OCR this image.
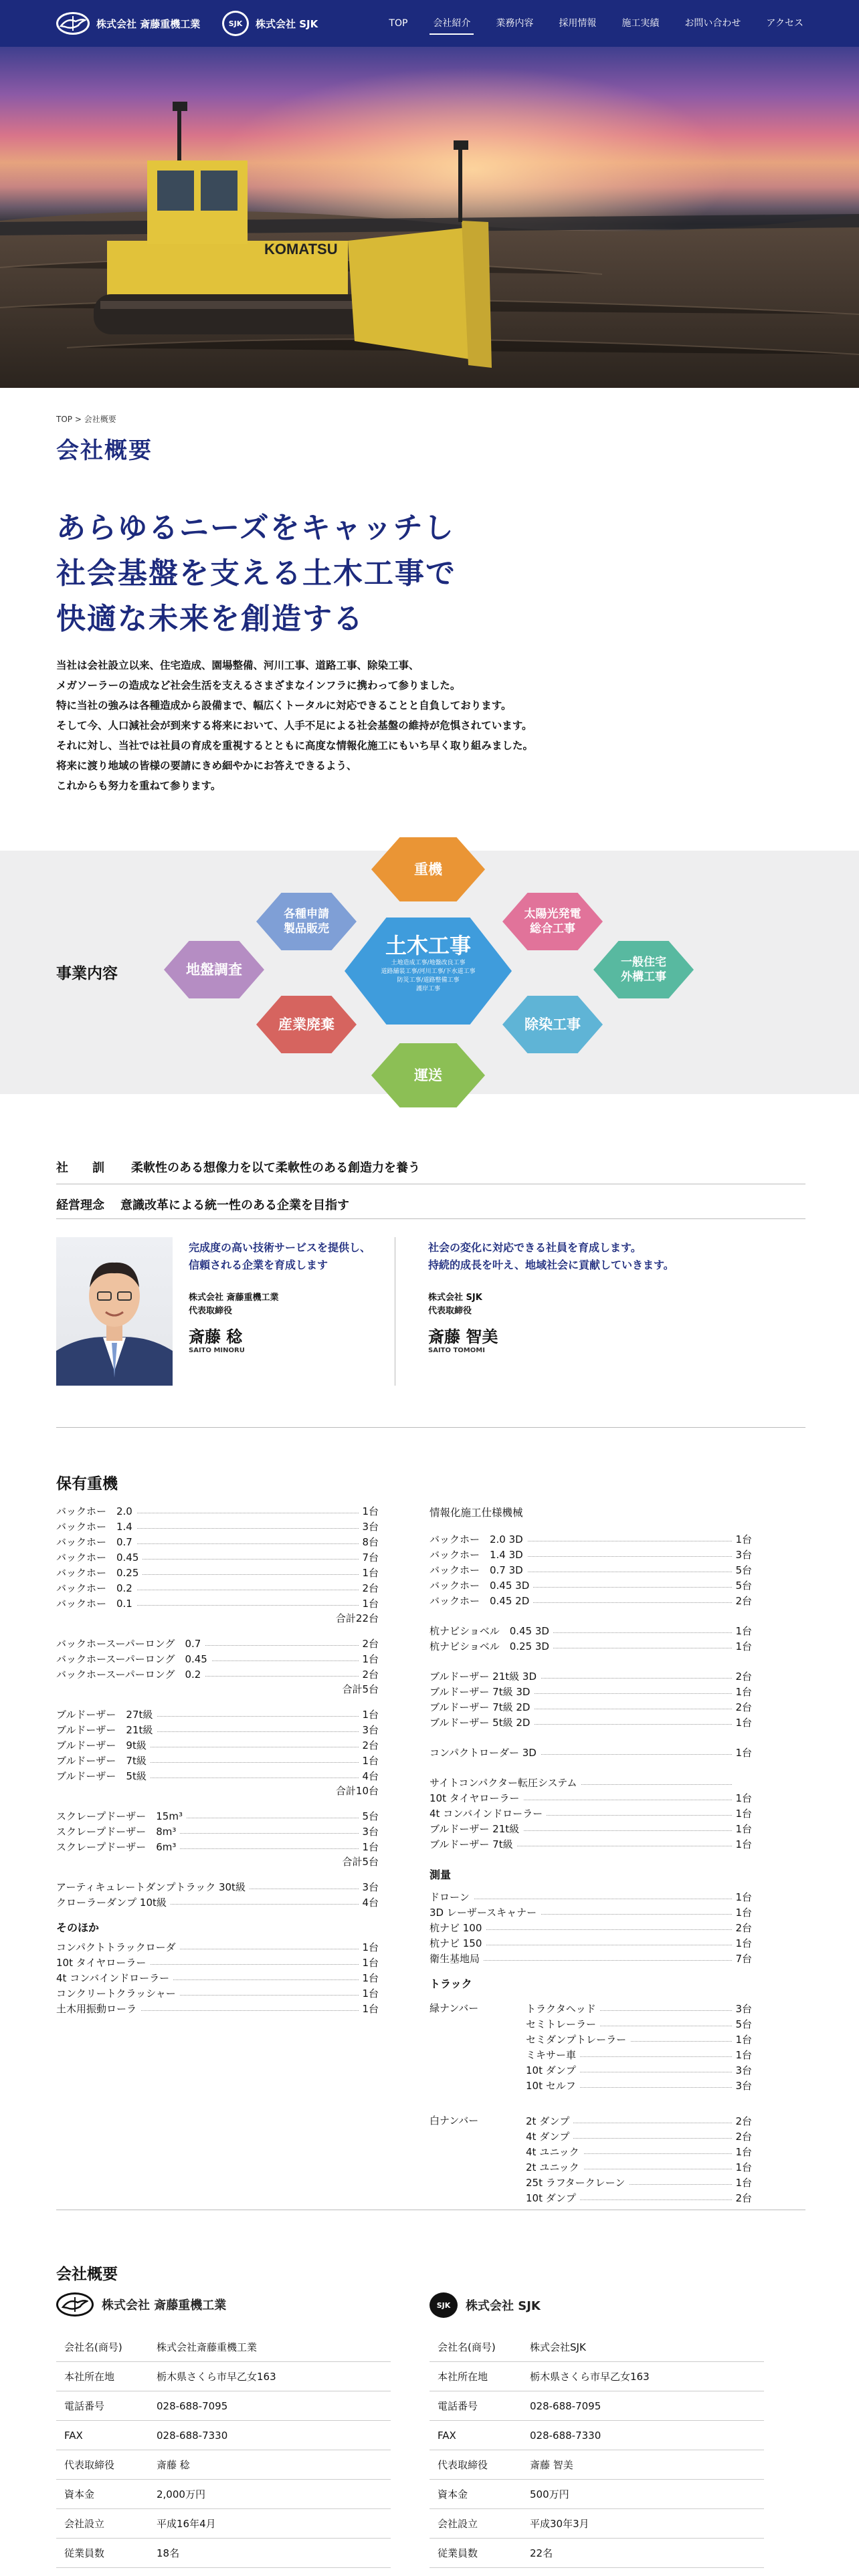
株式会社 斎藤重機工業	SJK	株式会社 SJK	TOP	会社紹介	業務内容	採用情報	施工実績	お問い合わせ	アクセス
KOMATSU
TOP > 会社概要
会社概要
あらゆるニーズをキャッチし
社会基盤を支える土木工事で
快適な未来を創造する
当社は会社設立以来、住宅造成、園場整備、河川工事、道路工事、除染工事、
メガソーラーの造成など社会生活を支えるさまざまなインフラに携わって参りました。
特に当社の強みは各種造成から設備まで、幅広くトータルに対応できることと自負しております。
そして今、人口減社会が到来する将来において、人手不足による社会基盤の維持が危惧されています。
それに対し、当社では社員の育成を重視するとともに高度な情報化施工にもいち早く取り組みました。
将来に渡り地域の皆様の要請にきめ細やかにお答えできるよう、
これからも努力を重ねて参ります。
事業内容
重機
各種申請
製品販売
太陽光発電
総合工事
地盤調査	一般住宅
外構工事
産業廃棄	除染工事
運送
土木工事
土地造成工事/地盤改良工事
道路舗装工事/河川工事/下水道工事
防災工事/道路整備工事
護岸工事
社　　訓 柔軟性のある想像力を以て柔軟性のある創造力を養う
経営理念 意識改革による統一性のある企業を目指す
完成度の高い技術サービスを提供し、
信頼される企業を育成します
株式会社 斎藤重機工業
代表取締役
斎藤 稔
SAITO MINORU
社会の変化に対応できる社員を育成します。
持続的成長を叶え、地域社会に貢献していきます。
株式会社 SJK
代表取締役
斎藤 智美
SAITO TOMOMI
保有重機
バックホー　2.0	1台
バックホー　1.4	3台
バックホー　0.7	8台
バックホー　0.45	7台
バックホー　0.25	1台
バックホー　0.2	2台
バックホー　0.1	1台
合計22台
バックホースーパーロング　0.7	2台
バックホースーパーロング　0.45	1台
バックホースーパーロング　0.2	2台
合計5台
ブルドーザー　27t級	1台
ブルドーザー　21t級	3台
ブルドーザー　9t級	2台
ブルドーザー　7t級	1台
ブルドーザー　5t級	4台
合計10台
スクレープドーザー　15m³	5台
スクレープドーザー　8m³	3台
スクレープドーザー　6m³	1台
合計5台
アーティキュレートダンプトラック 30t級	3台
クローラーダンプ 10t級	4台
そのほか
コンパクトトラックローダ	1台
10t タイヤローラー	1台
4t コンバインドローラー	1台
コンクリートクラッシャー	1台
土木用振動ローラ	1台
情報化施工仕様機械
バックホー　2.0 3D	1台
バックホー　1.4 3D	3台
バックホー　0.7 3D	5台
バックホー　0.45 3D	5台
バックホー　0.45 2D	2台
杭ナビショベル　0.45 3D	1台
杭ナビショベル　0.25 3D	1台
ブルドーザー 21t級 3D	2台
ブルドーザー 7t級 3D	1台
ブルドーザー 7t級 2D	2台
ブルドーザー 5t級 2D	1台
コンパクトローダー 3D	1台
サイトコンパクター転圧システム
10t タイヤローラー	1台
4t コンバインドローラー	1台
ブルドーザー 21t級	1台
ブルドーザー 7t級	1台
測量
ドローン	1台
3D レーザースキャナー	1台
杭ナビ 100	2台
杭ナビ 150	1台
衛生基地局	7台
トラック
緑ナンバー	トラクタヘッド	3台
セミトレーラー	5台
セミダンプトレーラー	1台
ミキサー車	1台
10t ダンプ	3台
10t セルフ	3台
白ナンバー	2t ダンプ	2台
4t ダンプ	2台
4t ユニック	1台
2t ユニック	1台
25t ラフタークレーン	1台
10t ダンプ	2台
会社概要
株式会社 斎藤重機工業	SJK	株式会社 SJK
会社名(商号)	株式会社斎藤重機工業
本社所在地	栃木県さくら市早乙女163
電話番号	028-688-7095
FAX	028-688-7330
代表取締役	斎藤 稔
資本金	2,000万円
会社設立	平成16年4月
従業員数	18名
会社名(商号)	株式会社SJK
本社所在地	栃木県さくら市早乙女163
電話番号	028-688-7095
FAX	028-688-7330
代表取締役	斎藤 智美
資本金	500万円
会社設立	平成30年3月
従業員数	22名
